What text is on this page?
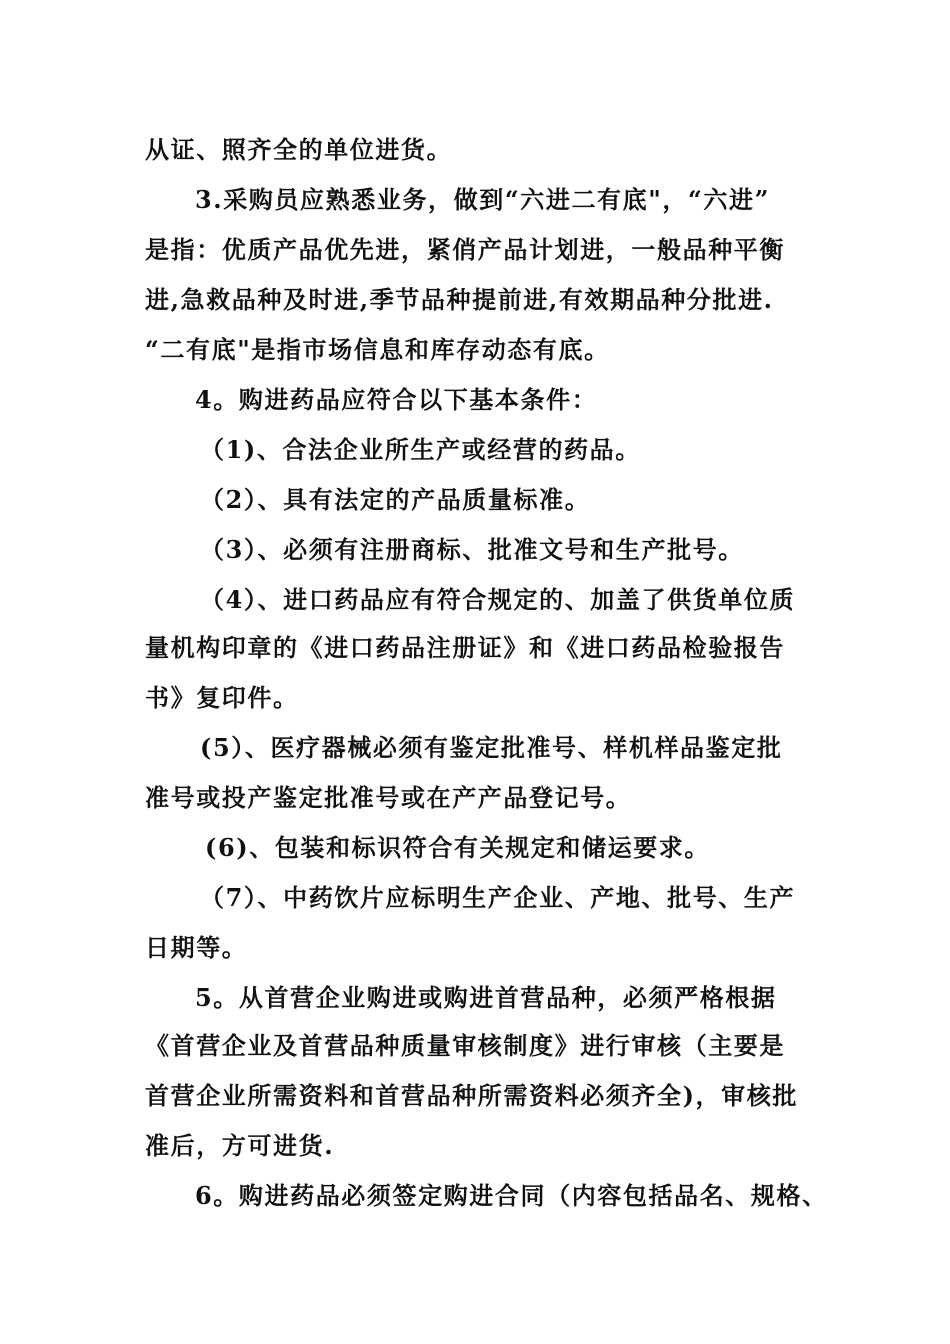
从证、照齐全的单位进货。

3.采购员应熟悉业务，做到“六进二有底"，“六进”

是指：优质产品优先进，紧俏产品计划进，一般品种平衡

进,急救品种及时进,季节品种提前进,有效期品种分批进.

“二有底"是指市场信息和库存动态有底。

4。购进药品应符合以下基本条件：

（1)、合法企业所生产或经营的药品。

（2）、具有法定的产品质量标准。

（3）、必须有注册商标、批准文号和生产批号。

（4）、进口药品应有符合规定的、加盖了供货单位质

量机构印章的《进口药品注册证》和《进口药品检验报告

书》复印件。

(5）、医疗器械必须有鉴定批准号、样机样品鉴定批

准号或投产鉴定批准号或在产产品登记号。

(6)、包装和标识符合有关规定和储运要求。

（7）、中药饮片应标明生产企业、产地、批号、生产

日期等。

5。从首营企业购进或购进首营品种，必须严格根据

《首营企业及首营品种质量审核制度》进行审核（主要是

首营企业所需资料和首营品种所需资料必须齐全)，审核批

准后，方可进货.

6。购进药品必须签定购进合同（内容包括品名、规格、
